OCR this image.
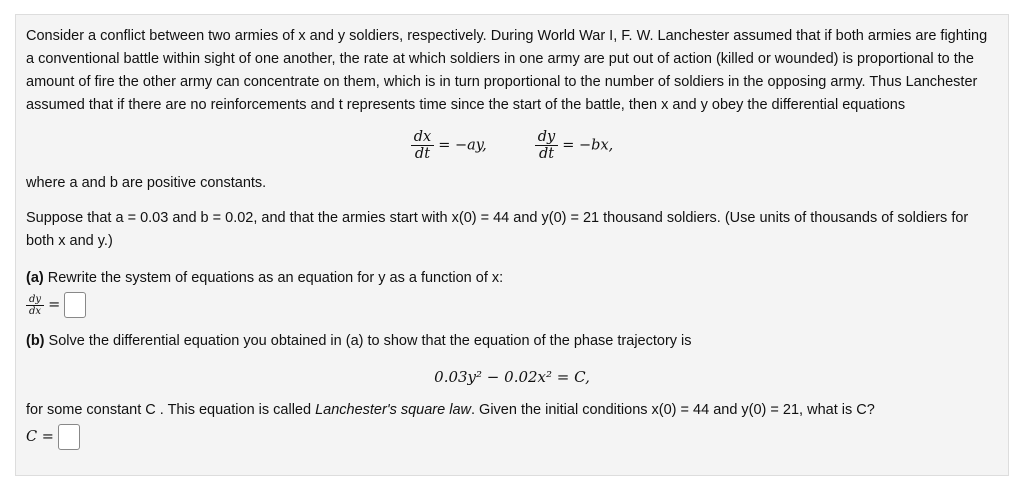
Consider a conflict between two armies of x and y soldiers, respectively. During World War I, F. W. Lanchester assumed that if both armies are fighting a conventional battle within sight of one another, the rate at which soldiers in one army are put out of action (killed or wounded) is proportional to the amount of fire the other army can concentrate on them, which is in turn proportional to the number of soldiers in the opposing army. Thus Lanchester assumed that if there are no reinforcements and t represents time since the start of the battle, then x and y obey the differential equations

$\frac{dx}{dt} = -ay$,	$\frac{dy}{dt} = -bx$,

where a and b are positive constants.

Suppose that a = 0.03 and b = 0.02, and that the armies start with x(0) = 44 and y(0) = 21 thousand soldiers. (Use units of thousands of soldiers for both x and y.)

(a) Rewrite the system of equations as an equation for y as a function of x:

$\frac{dy}{dx}$ =

(b) Solve the differential equation you obtained in (a) to show that the equation of the phase trajectory is

0.03y² − 0.02x² = C,

for some constant C . This equation is called Lanchester's square law. Given the initial conditions x(0) = 44 and y(0) = 21, what is C?

C =
